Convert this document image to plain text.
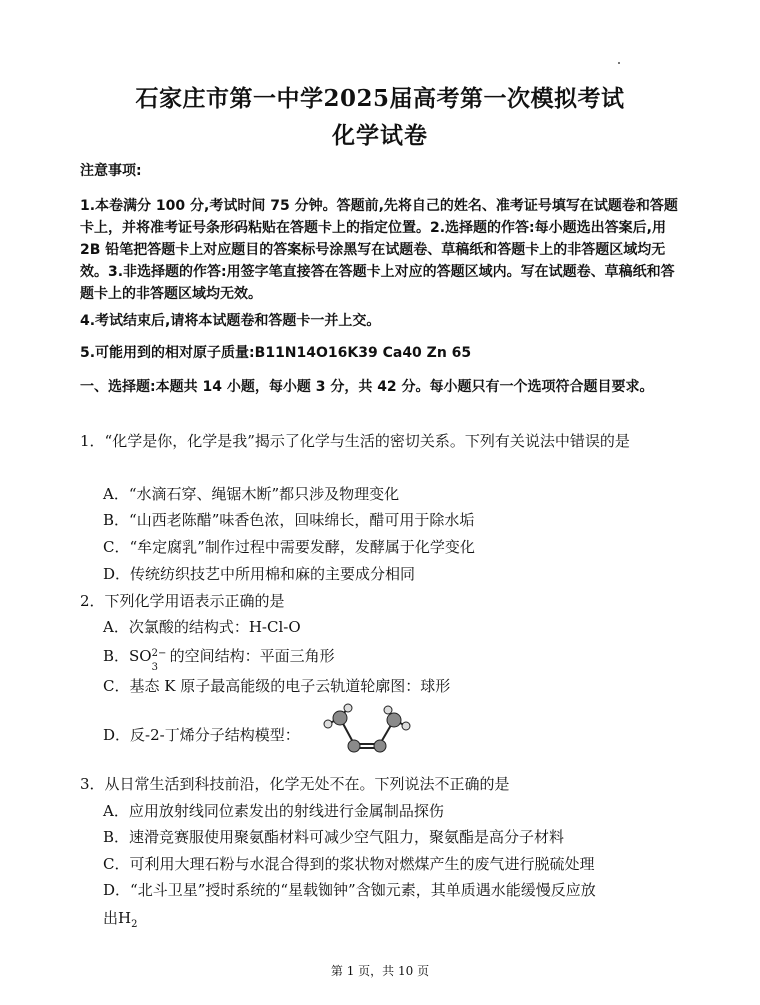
石家庄市第一中学2025届高考第一次模拟考试
化学试卷
注意事项:
1.本卷满分 100 分,考试时间 75 分钟。答题前,先将自己的姓名、准考证号填写在试题卷和答题卡上，并将准考证号条形码粘贴在答题卡上的指定位置。2.选择题的作答:每小题选出答案后,用 2B 铅笔把答题卡上对应题目的答案标号涂黑写在试题卷、草稿纸和答题卡上的非答题区域均无效。3.非选择题的作答:用签字笔直接答在答题卡上对应的答题区域内。写在试题卷、草稿纸和答题卡上的非答题区域均无效。
4.考试结束后,请将本试题卷和答题卡一并上交。
5.可能用到的相对原子质量:B11N14O16K39 Ca40 Zn 65
一、选择题:本题共 14 小题，每小题 3 分，共 42 分。每小题只有一个选项符合题目要求。
1．“化学是你，化学是我”揭示了化学与生活的密切关系。下列有关说法中错误的是
A．“水滴石穿、绳锯木断”都只涉及物理变化
B．“山西老陈醋”味香色浓，回味绵长，醋可用于除水垢
C．“牟定腐乳”制作过程中需要发酵，发酵属于化学变化
D．传统纺织技艺中所用棉和麻的主要成分相同
2．下列化学用语表示正确的是
A．次氯酸的结构式：H-Cl-O
B．SO 2−
3
的空间结构：平面三角形
C．基态 K 原子最高能级的电子云轨道轮廓图：球形
D．反-2-丁烯分子结构模型：
3．从日常生活到科技前沿，化学无处不在。下列说法不正确的是
A．应用放射线同位素发出的射线进行金属制品探伤
B．速滑竞赛服使用聚氨酯材料可减少空气阻力，聚氨酯是高分子材料
C．可利用大理石粉与水混合得到的浆状物对燃煤产生的废气进行脱硫处理
D．“北斗卫星”授时系统的“星载铷钟”含铷元素，其单质遇水能缓慢反应放
出$H_2$
第 1 页，共 10 页
